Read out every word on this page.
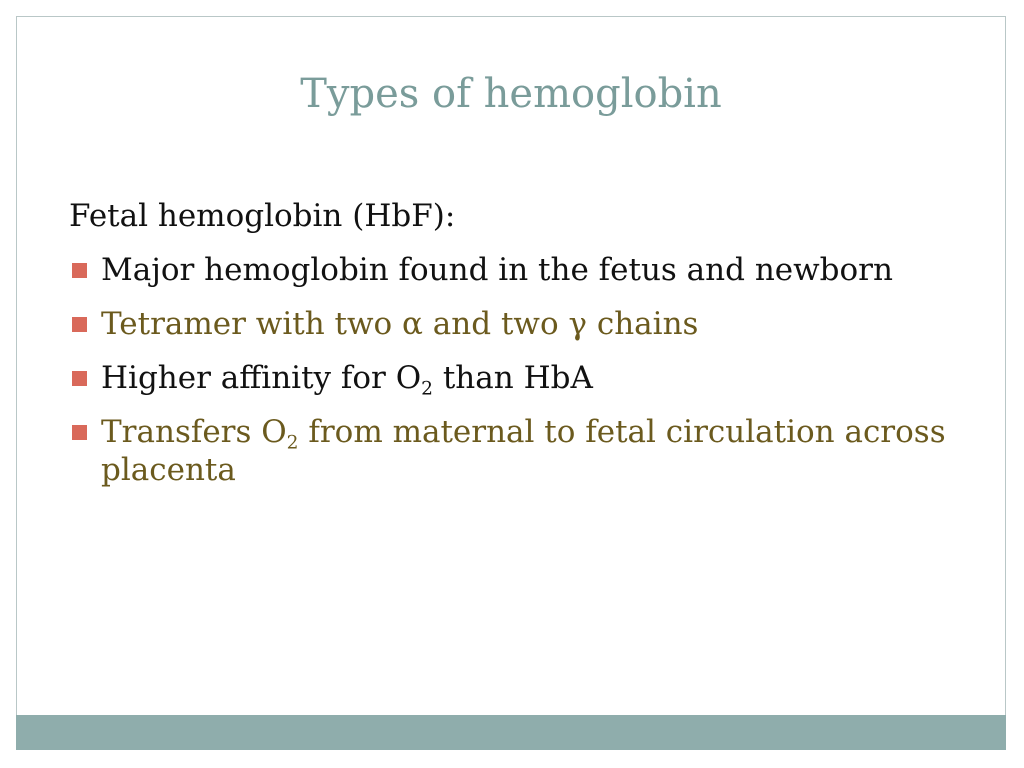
Types of hemoglobin
Fetal hemoglobin (HbF):
Major hemoglobin found in the fetus and newborn
Tetramer with two α and two γ chains
Higher affinity for $O_2$ than HbA
Transfers $O_2$ from maternal to fetal circulation across placenta
